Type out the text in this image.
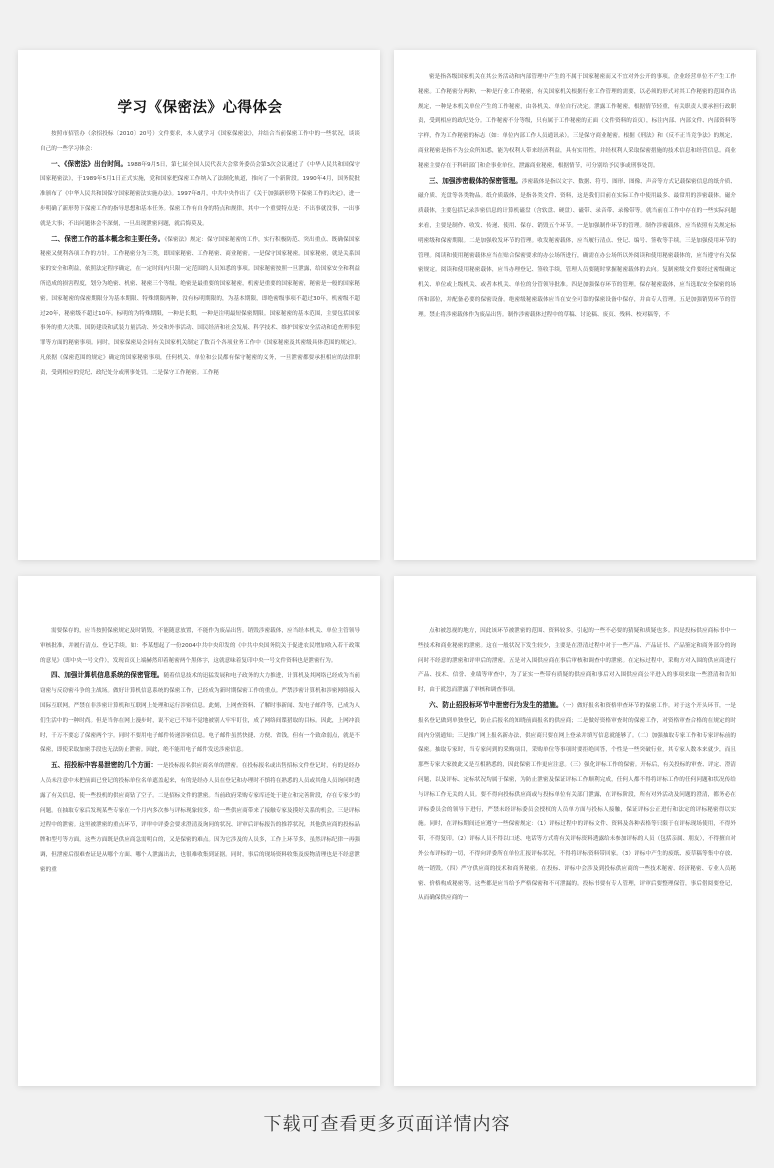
学习《保密法》心得体会

按照市招管办（余招投标〔2010〕20号）文件要求，本人就学习《国家保密法》，并结合当前保密工作中的一些状况，谈谈自己的一些学习体会：

一、《保密法》出台时间。1988年9月5日，第七届全国人民代表大会常务委员会第3次会议通过了《中华人民共和国保守国家秘密法》，于1989年5月1日正式实施，党和国家把保密工作纳入了法制化轨道，推向了一个新阶段。1990年4月，国务院批准颁布了《中华人民共和国保守国家秘密法实施办法》。1997年8月，中共中央作出了《关于加强新形势下保密工作的决定》，进一步明确了新形势下保密工作的指导思想和基本任务。保密工作有自身的特点和规律，其中一个重要特点是：不出事就没事，一出事就是大事；不出问题体会不深刻，一旦出现泄密问题，就后悔莫及。

二、保密工作的基本概念和主要任务。《保密法》规定：保守国家秘密的工作，实行积极防范、突出重点、既确保国家秘密又便利各项工作的方针。工作秘密分为三类，即国家秘密、工作秘密、商业秘密。一是保守国家秘密。国家秘密，就是关系国家的安全和利益，依照法定程序确定，在一定时间内只限一定范围的人员知悉的事项。国家秘密按照一旦泄露，给国家安全和利益所造成的损害程度，划分为绝密、机密、秘密三个等级。绝密是最重要的国家秘密，机密是重要的国家秘密，秘密是一般的国家秘密。国家秘密的保密期限分为基本期限、特殊期限两种，没有标明期限的，为基本期限，即绝密级事项不超过30年，机密级不超过20年，秘密级不超过10年。标明的为特殊期限，一种是长期，一种是注明最短保密期限。国家秘密的基本范围，主要包括国家事务的重大决策、国防建设和武装力量活动、外交和外事活动、国民经济和社会发展、科学技术、维护国家安全活动和追查刑事犯罪等方面的秘密事项。同时，国家保密局会同有关国家机关制定了数百个各项业务工作中《国家秘密及其密级具体范围的规定》。凡依据《保密范围的规定》确定的国家秘密事项，任何机关、单位和公民都有保守秘密的义务，一旦泄密都要承担相应的法律职责，受到相应的党纪、政纪处分或刑事处罚。二是保守工作秘密。工作秘

密是指各级国家机关在其公务活动和内部管理中产生的不属于国家秘密而又不宜对外公开的事项。企业经营单位不产生工作秘密。工作秘密分两种，一种是行业工作秘密，有关国家机关根据行业工作管理的需要，以必须的形式对其工作秘密的范围作出规定，一种是本机关单位产生的工作秘密，由各机关、单位自行决定。泄露工作秘密，根据情节轻重，有关职责人要承担行政职责，受到相应的政纪处分。工作秘密不分等级，只有属于工作秘密的正面（文件资料的首页），标注内部、内部文件、内部资料等字样，作为工作秘密的标志（如：单位内部工作人员通讯录）。三是保守商业秘密。根据《刑法》和《反不正当竞争法》的规定，商业秘密是指不为公众所知悉，能为权利人带来经济利益，具有实用性，并经权利人采取保密措施的技术信息和经营信息。商业秘密主要存在于科研部门和企事业单位，泄露商业秘密，根据情节，可分别给予民事或刑事处罚。

三、加强涉密载体的保密管理。涉密载体是指以文字、数据、符号、图形、图像、声音等方式记载保密信息的纸介质、磁介质、光盘等各类物品。纸介质载体，是指各类文件、资料，这是我们目前在实际工作中使用最多、最常用的涉密载体。磁介质载体，主要包括记录涉密信息的计算机磁盘（含软盘、硬盘）、磁带、录音带、录像带等。就当前在工作中存在的一些实际问题来看，主要是制作、收发、传递、使用、保存、销毁五个环节。一是加强制作环节的管理。制作涉密载体，应当依照有关规定标明密级和保密期限。二是加强收发环节的管理。收发秘密载体，应当履行清点、登记、编号、签收等手续。三是加强使用环节的管理。阅读和使用秘密载体应当在贴合保密要求的办公场所进行，确需在办公场所以外阅读和使用秘密载体的，应当遵守有关保密规定。阅读和使用秘密载体，应当办理登记、签收手续，管理人员要随时掌握秘密载体的去向。复制密级文件要经过密级确定机关、单位或上级机关、或者本机关、单位的分管领导批准。四是加强保存环节的管理。保存秘密载体，应当选取安全保密的场所和部位，并配备必要的保密设备。绝密级秘密载体应当在安全可靠的保密设备中保存，并由专人管理。五是加强销毁环节的管理。禁止将涉密载体作为废品出售。制作涉密载体过程中的草稿、讨论稿、废页、残料、校对稿等，不

需要保存的，应当按照保密规定及时销毁，不能随意放置，不能作为废品出售。销毁涉密载体，应当经本机关、单位主管领导审核批准，并履行清点、登记手续。如：李某想起了一份2004中共中央印发的《中共中央国务院关于促进农民增加收入若干政策的意见》（即中央一号文件），发现首页上端赫然印着秘密两个黑体字，这就意味着复印中央一号文件资料也是泄密行为。

四、加强计算机信息系统的保密管理。随着信息技术的迅猛发展和电子政务的大力推进，计算机及其网络已经成为当前窃密与反窃密斗争的主战场。做好计算机信息系统的保密工作，已经成为新时期保密工作的重点。严禁涉密计算机和涉密网络接入国际互联网，严禁在非涉密计算机和互联网上处理和运行涉密信息。此刻，上网查资料、了解时事新闻、发电子邮件等，已成为人们生活中的一种时尚。但是当你在网上漫步时，说不定已不知不觉地被别人牢牢盯住，成了网络间谍猎取的目标。因此，上网冲浪时，千万不要忘了保密两个字。同时不要用电子邮件传递涉密信息。电子邮件虽然快捷、方便、省钱，但有一个致命弱点，就是不保密，即使采取加密手段也无法防止泄密。因此，绝不能用电子邮件发送涉密信息。

五、招投标中容易泄密的几个方面：一是投标报名供应商名单的泄密。在投标报名或出售招标文件登记时，有的是经办人员未注意中未把前面已登记的投标单位名单遮盖起来，有的是经办人员在登记和办理时不慎将在熟悉的人员或其他人员询问时透露了有关信息，使一些投机的供应商钻了空子。二是招标文件的泄密。当前政府采购专家库还处于建立和完善阶段，存在专家少的问题。在抽取专家后发现某些专家在一个月内多次参与评标现象较多，给一些供应商带来了接触专家及摸好关系的机会。三是评标过程中的泄密。这里被泄密的重点环节，评审中评委会要求澄清及询问的状况、评审后评标报告的推荐状况，其他供应商的投标品牌和型号等方面。这些方面既是供应商急需明白的，又是保密的难点。因为它涉及的人员多，工作上环节多，虽然评标纪律一再强调，但泄密后很难查证是从哪个方面、哪个人泄露出去，也很难收集到证据。同时，事后的现场资料收集及废物清理也是不经意泄密的重

点和被忽视的地方，因此该环节被泄密的范围、资料较多，引起的一些不必要的猜疑和质疑也多。四是投标供应商标书中一些技术和商业秘密的泄密。这在一般状况下发生较少，主要是在澄清过程中对于一些产品、产品证书、产品鉴定和商务部分的询问时不经意的泄密和评审后的泄密。五是对入围供应商在事后审核和调查中的泄密。在定标过程中，采购方对入围的供应商进行产品、技术、信誉、业绩等审查中，为了证实一些带有质疑的供应商和事后对入围供应商公平进入的事项来取一些澄清和告知时，由于就忽而泄露了审核和调查事项。

六、防止招投标环节中泄密行为发生的措施。（一）做好报名和资格审查环节的保密工作。对于这个开头环节，一是报名登记做到单独登记，防止后报名的知晓前面报名的供应商；二是做好资格审查时的保密工作，对资格审查合格的在规定的时间内分别通知；三是推广网上报名新办法，供应商只要在网上登录并填写信息就能够了。（二）加强抽取专家工作和专家评标前的保密。抽取专家时，当专家问到的采购项目，采购单位等事项时要拒绝回答，个性是一些突破行业，其专家人数本来就少，而且那些专家大家彼此又是互相熟悉的，因此保密工作更应注意。（三）强化评标工作的保密。开标后，有关投标的审查、评定、澄清问题，以及评标、定标状况均属于保密，为防止泄密及保证评标工作顺利完成，任何人都不得将评标工作的任何问题和状况传给与评标工作无关的人员。要不得向投标供应商或与投标单位有关部门泄露，在评标阶段，所有对外活动及问题的澄清，都务必在评标委员会的领导下进行，严禁未经评标委员会授权的人员单方面与投标人接触，保证评标公正进行和法定的评标秘密得以实施。同时，在评标期间还应遵守一些保密规定：（1）评标过程中的评标文件、资料及各种表格等只限于在评标现场使用，不得外带，不得复印。（2）评标人员不得以口述、电话等方式将有关评标资料透露给未参加评标的人员（包括亲属、朋友），不得擅自对外公布评标的一切，不得向评委所在单位汇报评标状况，不得将评标资料带回家。（3）评标中产生的废纸、废草稿等集中存放、统一销毁。（四）严守供应商的技术和商务秘密。在投标、评标中会涉及到投标供应商的一些技术秘密、经济秘密、专业人员秘密、价格构成秘密等。这些都是应当给予严格保密和不可泄漏的。投标书要有专人管理，评审后要整理保管，事后借阅要登记，从而确保供应商的一

下载可查看更多页面详情内容
